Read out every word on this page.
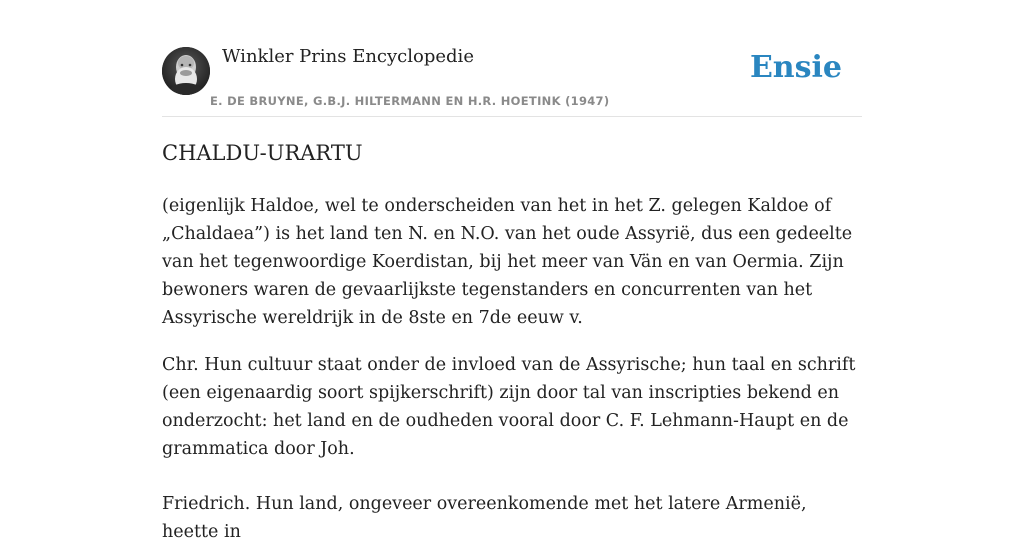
Winkler Prins Encyclopedie
E. DE BRUYNE, G.B.J. HILTERMANN EN H.R. HOETINK (1947)
Ensie
CHALDU-URARTU

(eigenlijk Haldoe, wel te onderscheiden van het in het Z. gelegen Kaldoe of „Chaldaea”) is het land ten N. en N.O. van het oude Assyrië, dus een gedeelte van het tegenwoordige Koerdistan, bij het meer van Vän en van Oermia. Zijn bewoners waren de gevaarlijkste tegenstanders en concurrenten van het Assyrische wereldrijk in de 8ste en 7de eeuw v.

Chr. Hun cultuur staat onder de invloed van de Assyrische; hun taal en schrift (een eigenaardig soort spijkerschrift) zijn door tal van inscripties bekend en onderzocht: het land en de oudheden vooral door C. F. Lehmann-Haupt en de grammatica door Joh.

Friedrich. Hun land, ongeveer overeenkomende met het latere Armenië, heette in
